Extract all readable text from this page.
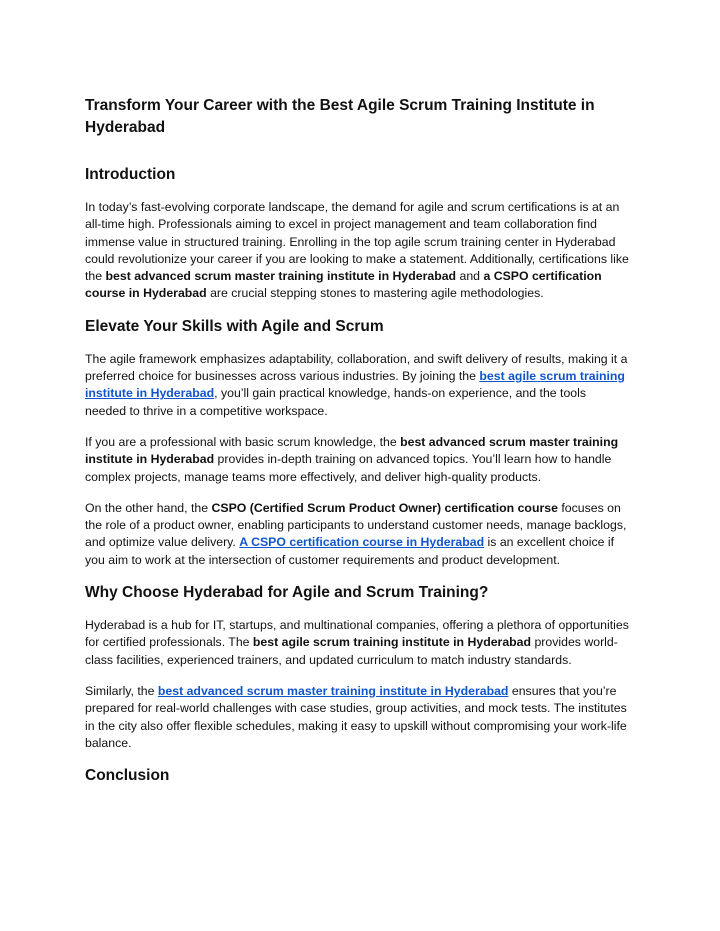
Transform Your Career with the Best Agile Scrum Training Institute in Hyderabad
Introduction

In today’s fast-evolving corporate landscape, the demand for agile and scrum certifications is at an all-time high. Professionals aiming to excel in project management and team collaboration find immense value in structured training. Enrolling in the top agile scrum training center in Hyderabad could revolutionize your career if you are looking to make a statement. Additionally, certifications like the best advanced scrum master training institute in Hyderabad and a CSPO certification course in Hyderabad are crucial stepping stones to mastering agile methodologies.

Elevate Your Skills with Agile and Scrum

The agile framework emphasizes adaptability, collaboration, and swift delivery of results, making it a preferred choice for businesses across various industries. By joining the best agile scrum training institute in Hyderabad, you’ll gain practical knowledge, hands-on experience, and the tools needed to thrive in a competitive workspace.

If you are a professional with basic scrum knowledge, the best advanced scrum master training institute in Hyderabad provides in-depth training on advanced topics. You’ll learn how to handle complex projects, manage teams more effectively, and deliver high-quality products.

On the other hand, the CSPO (Certified Scrum Product Owner) certification course focuses on the role of a product owner, enabling participants to understand customer needs, manage backlogs, and optimize value delivery. A CSPO certification course in Hyderabad is an excellent choice if you aim to work at the intersection of customer requirements and product development.

Why Choose Hyderabad for Agile and Scrum Training?

Hyderabad is a hub for IT, startups, and multinational companies, offering a plethora of opportunities for certified professionals. The best agile scrum training institute in Hyderabad provides world-class facilities, experienced trainers, and updated curriculum to match industry standards.

Similarly, the best advanced scrum master training institute in Hyderabad ensures that you’re prepared for real-world challenges with case studies, group activities, and mock tests. The institutes in the city also offer flexible schedules, making it easy to upskill without compromising your work-life balance.

Conclusion
